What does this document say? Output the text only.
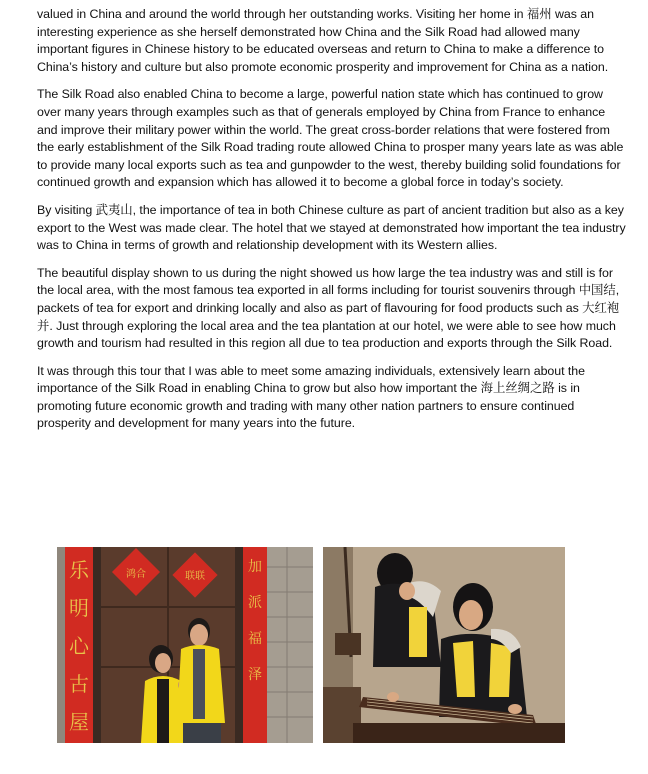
valued in China and around the world through her outstanding works. Visiting her home in 福州 was an interesting experience as she herself demonstrated how China and the Silk Road had allowed many important figures in Chinese history to be educated overseas and return to China to make a difference to China’s history and culture but also promote economic prosperity and improvement for China as a nation.

The Silk Road also enabled China to become a large, powerful nation state which has continued to grow over many years through examples such as that of generals employed by China from France to enhance and improve their military power within the world. The great cross-border relations that were fostered from the early establishment of the Silk Road trading route allowed China to prosper many years late as was able to provide many local exports such as tea and gunpowder to the west, thereby building solid foundations for continued growth and expansion which has allowed it to become a global force in today’s society.

By visiting 武夷山, the importance of tea in both Chinese culture as part of ancient tradition but also as a key export to the West was made clear. The hotel that we stayed at demonstrated how important the tea industry was to China in terms of growth and relationship development with its Western allies.

The beautiful display shown to us during the night showed us how large the tea industry was and still is for the local area, with the most famous tea exported in all forms including for tourist souvenirs through 中国结, packets of tea for export and drinking locally and also as part of flavouring for food products such as 大红袍并. Just through exploring the local area and the tea plantation at our hotel, we were able to see how much growth and tourism had resulted in this region all due to tea production and exports through the Silk Road.

It was through this tour that I was able to meet some amazing individuals, extensively learn about the importance of the Silk Road in enabling China to grow but also how important the 海上丝绸之路 is in promoting future economic growth and trading with many other nation partners to ensure continued prosperity and development for many years into the future.

乐明心古屋
加派福泽
鸿合	联联
